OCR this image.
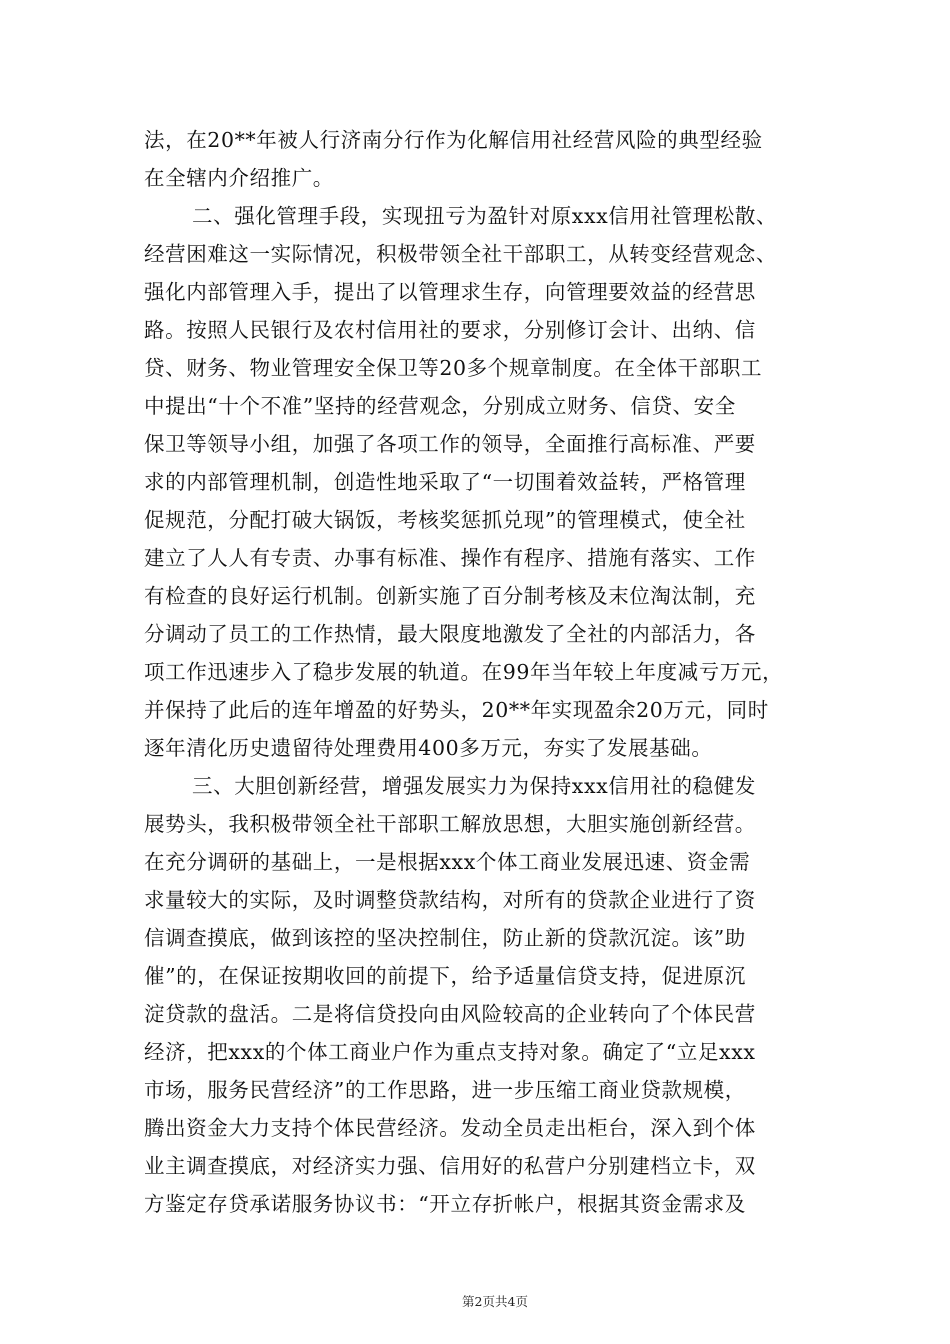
法，在20**年被人行济南分行作为化解信用社经营风险的典型经验
在全辖内介绍推广。
二、强化管理手段，实现扭亏为盈针对原xxx信用社管理松散、
经营困难这一实际情况，积极带领全社干部职工，从转变经营观念、
强化内部管理入手，提出了以管理求生存，向管理要效益的经营思
路。按照人民银行及农村信用社的要求，分别修订会计、出纳、信
贷、财务、物业管理安全保卫等20多个规章制度。在全体干部职工
中提出“十个不准”坚持的经营观念，分别成立财务、信贷、安全
保卫等领导小组，加强了各项工作的领导，全面推行高标准、严要
求的内部管理机制，创造性地采取了“一切围着效益转，严格管理
促规范，分配打破大锅饭，考核奖惩抓兑现”的管理模式，使全社
建立了人人有专责、办事有标准、操作有程序、措施有落实、工作
有检查的良好运行机制。创新实施了百分制考核及末位淘汰制，充
分调动了员工的工作热情，最大限度地激发了全社的内部活力，各
项工作迅速步入了稳步发展的轨道。在99年当年较上年度减亏万元，
并保持了此后的连年增盈的好势头，20**年实现盈余20万元，同时
逐年清化历史遗留待处理费用400多万元，夯实了发展基础。
三、大胆创新经营，增强发展实力为保持xxx信用社的稳健发
展势头，我积极带领全社干部职工解放思想，大胆实施创新经营。
在充分调研的基础上，一是根据xxx个体工商业发展迅速、资金需
求量较大的实际，及时调整贷款结构，对所有的贷款企业进行了资
信调查摸底，做到该控的坚决控制住，防止新的贷款沉淀。该”助
催”的，在保证按期收回的前提下，给予适量信贷支持，促进原沉
淀贷款的盘活。二是将信贷投向由风险较高的企业转向了个体民营
经济，把xxx的个体工商业户作为重点支持对象。确定了“立足xxx
市场，服务民营经济”的工作思路，进一步压缩工商业贷款规模，
腾出资金大力支持个体民营经济。发动全员走出柜台，深入到个体
业主调查摸底，对经济实力强、信用好的私营户分别建档立卡，双
方鉴定存贷承诺服务协议书：“开立存折帐户，根据其资金需求及
第2页共4页
